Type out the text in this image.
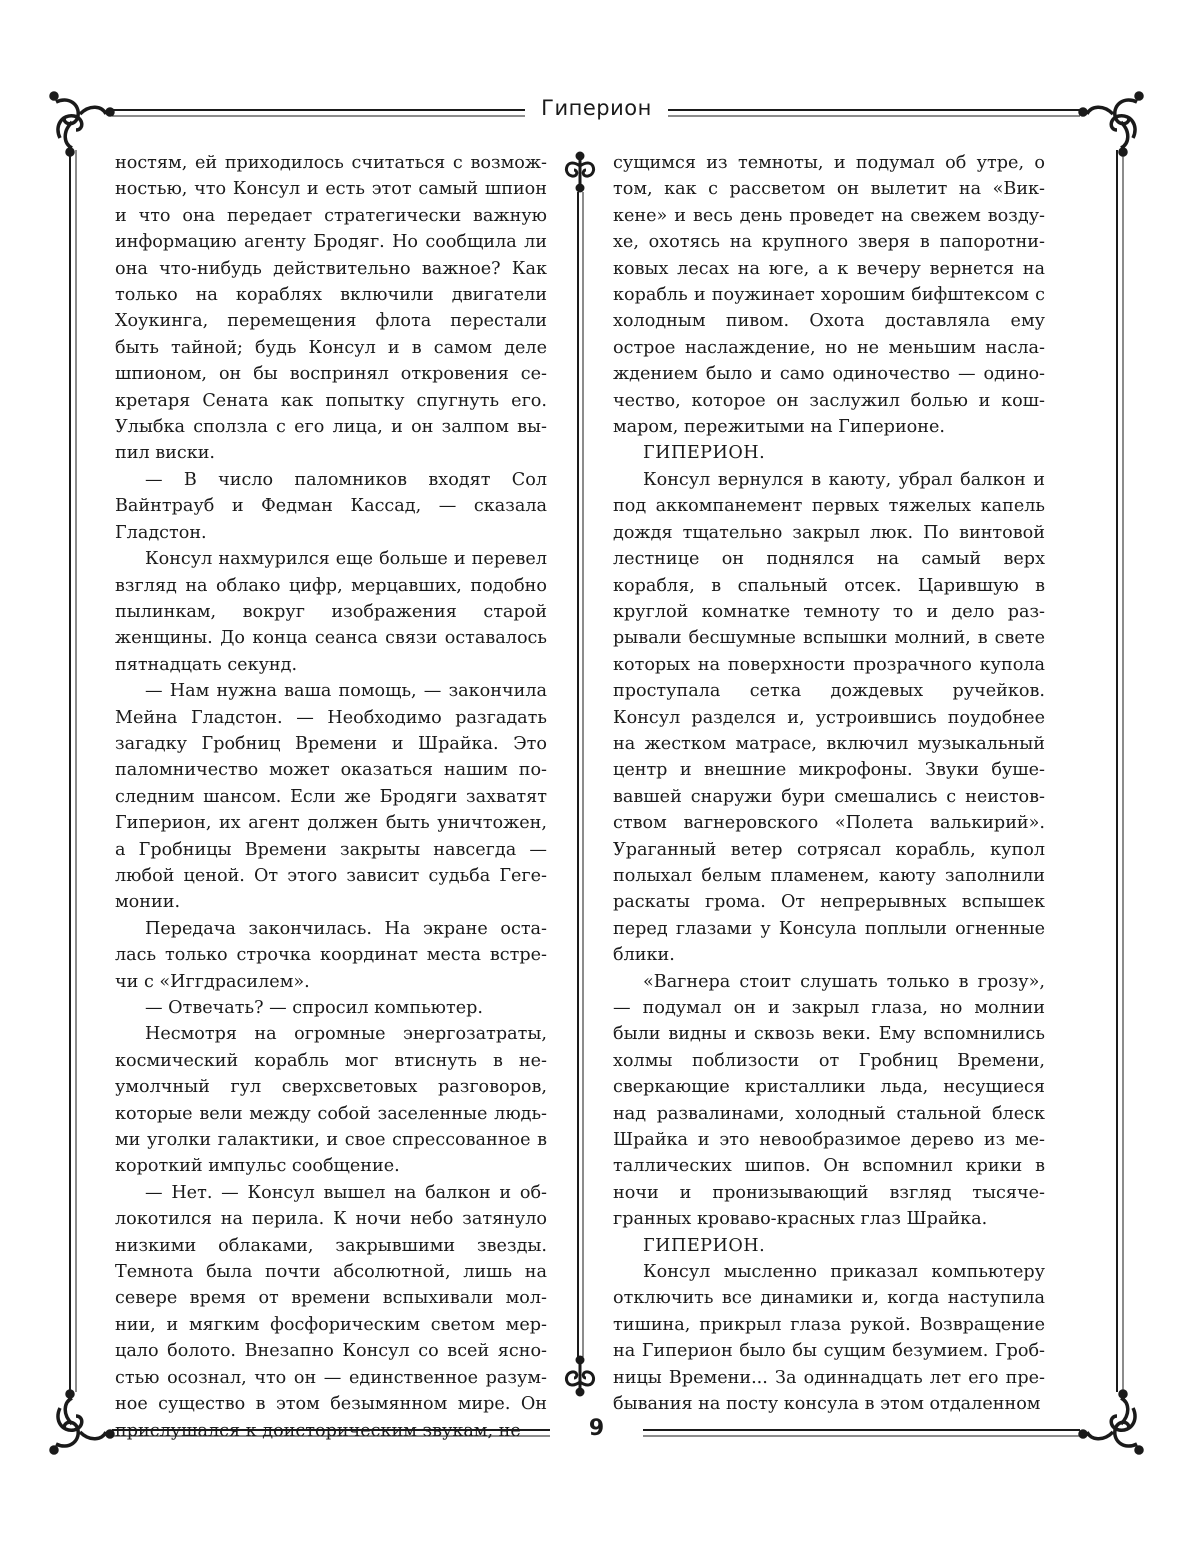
Гиперион

ностям, ей приходилось считаться с возможностью, что Консул и есть этот самый шпион и что она передает стратегически важную информацию агенту Бродяг. Но сообщила ли она что-нибудь действительно важное? Как только на кораблях включили двигатели Хоукинга, перемещения флота перестали быть тайной; будь Консул и в самом деле шпионом, он бы воспринял откровения секретаря Сената как попытку спугнуть его. Улыбка сползла с его лица, и он залпом выпил виски.

— В число паломников входят Сол Вайнтрауб и Федман Кассад, — сказала Гладстон.

Консул нахмурился еще больше и перевел взгляд на облако цифр, мерцавших, подобно пылинкам, вокруг изображения старой женщины. До конца сеанса связи оставалось пятнадцать секунд.

— Нам нужна ваша помощь, — закончила Мейна Гладстон. — Необходимо разгадать загадку Гробниц Времени и Шрайка. Это паломничество может оказаться нашим последним шансом. Если же Бродяги захватят Гиперион, их агент должен быть уничтожен, а Гробницы Времени закрыты навсегда — любой ценой. От этого зависит судьба Гегемонии.

Передача закончилась. На экране осталась только строчка координат места встречи с «Иггдрасилем».

— Отвечать? — спросил компьютер.

Несмотря на огромные энергозатраты, космический корабль мог втиснуть в неумолчный гул сверхсветовых разговоров, которые вели между собой заселенные людьми уголки галактики, и свое спрессованное в короткий импульс сообщение.

— Нет. — Консул вышел на балкон и облокотился на перила. К ночи небо затянуло низкими облаками, закрывшими звезды. Темнота была почти абсолютной, лишь на севере время от времени вспыхивали молнии, и мягким фосфорическим светом мерцало болото. Внезапно Консул со всей ясностью осознал, что он — единственное разумное существо в этом безымянном мире. Он прислушался к доисторическим звукам, не

сущимся из темноты, и подумал об утре, о том, как с рассветом он вылетит на «Виккене» и весь день проведет на свежем воздухе, охотясь на крупного зверя в папоротниковых лесах на юге, а к вечеру вернется на корабль и поужинает хорошим бифштексом с холодным пивом. Охота доставляла ему острое наслаждение, но не меньшим наслаждением было и само одиночество — одиночество, которое он заслужил болью и кошмаром, пережитыми на Гиперионе.

ГИПЕРИОН.

Консул вернулся в каюту, убрал балкон и под аккомпанемент первых тяжелых капель дождя тщательно закрыл люк. По винтовой лестнице он поднялся на самый верх корабля, в спальный отсек. Царившую в круглой комнатке темноту то и дело разрывали бесшумные вспышки молний, в свете которых на поверхности прозрачного купола проступала сетка дождевых ручейков. Консул разделся и, устроившись поудобнее на жестком матрасе, включил музыкальный центр и внешние микрофоны. Звуки бушевавшей снаружи бури смешались с неистовством вагнеровского «Полета валькирий». Ураганный ветер сотрясал корабль, купол полыхал белым пламенем, каюту заполнили раскаты грома. От непрерывных вспышек перед глазами у Консула поплыли огненные блики.

«Вагнера стоит слушать только в грозу», — подумал он и закрыл глаза, но молнии были видны и сквозь веки. Ему вспомнились холмы поблизости от Гробниц Времени, сверкающие кристаллики льда, несущиеся над развалинами, холодный стальной блеск Шрайка и это невообразимое дерево из металлических шипов. Он вспомнил крики в ночи и пронизывающий взгляд тысячегранных кроваво-красных глаз Шрайка.

ГИПЕРИОН.

Консул мысленно приказал компьютеру отключить все динамики и, когда наступила тишина, прикрыл глаза рукой. Возвращение на Гиперион было бы сущим безумием. Гробницы Времени... За одиннадцать лет его пребывания на посту консула в этом отдаленном

9
